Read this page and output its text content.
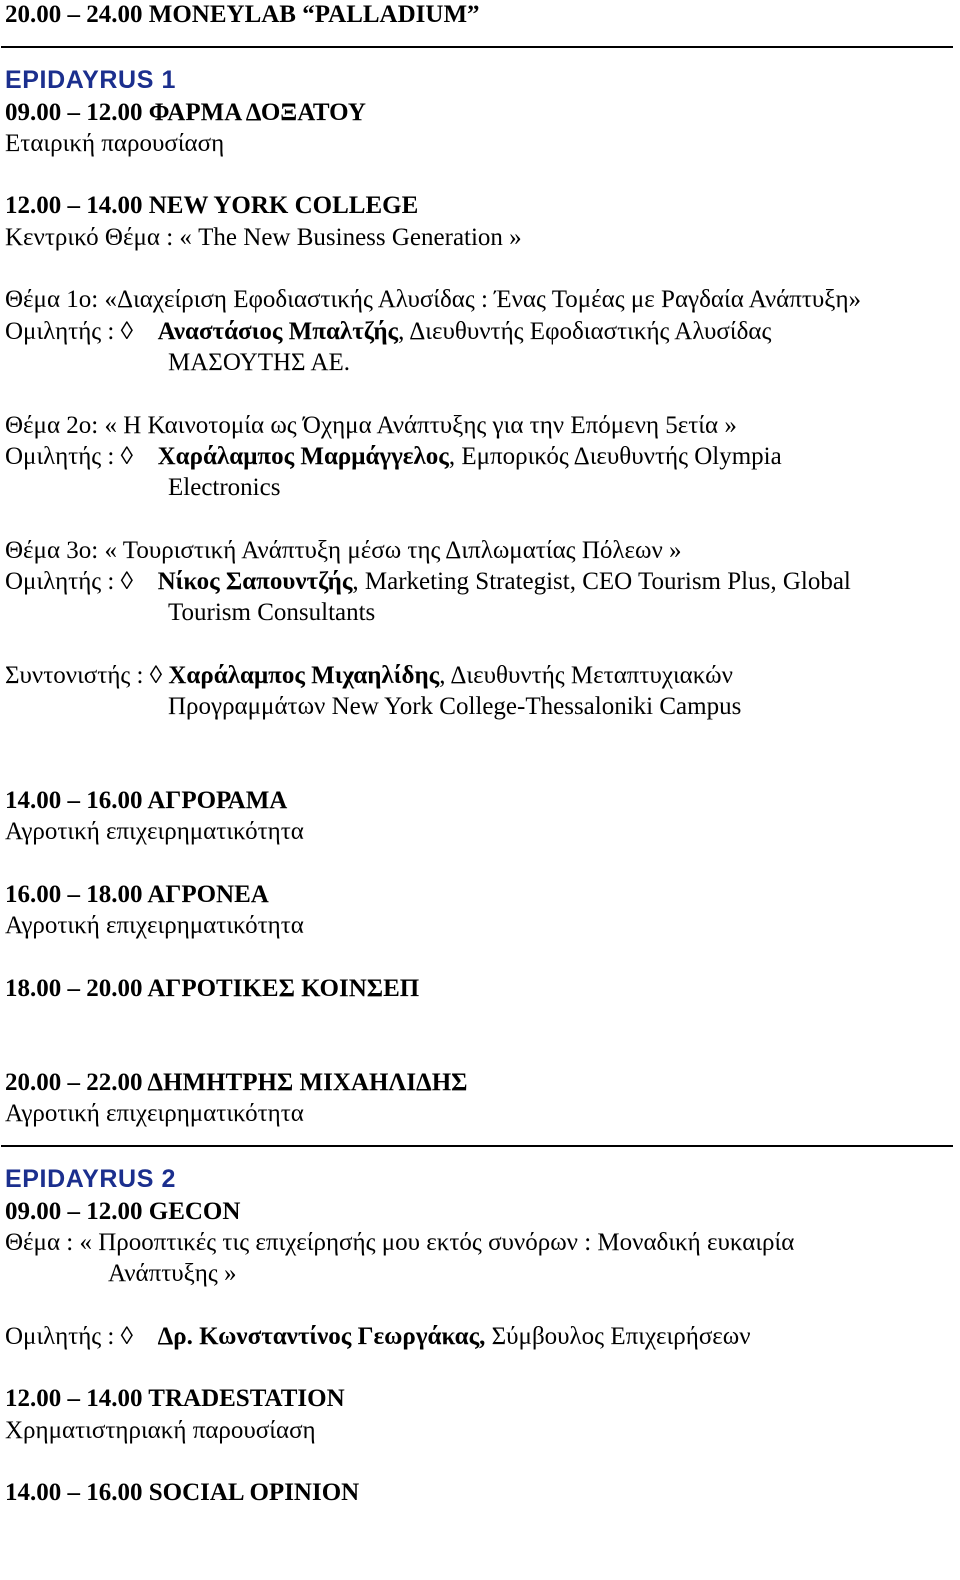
20.00 – 24.00 MONEYLAB “PALLADIUM”
EPIDAYRUS 1
09.00 – 12.00 ΦΑΡΜΑ ΔΟΞΑΤΟΥ
Εταιρική παρουσίαση
12.00 – 14.00 NEW YORK COLLEGE
Κεντρικό Θέμα : « The New Business Generation »
Θέμα 1ο: «Διαχείριση Εφοδιαστικής Αλυσίδας : Ένας Τομέας με Ραγδαία Ανάπτυξη»
Ομιλητής : ◊ Αναστάσιος Μπαλτζής, Διευθυντής Εφοδιαστικής Αλυσίδας
ΜΑΣΟΥΤΗΣ ΑΕ.
Θέμα 2ο: « Η Καινοτομία ως Όχημα Ανάπτυξης για την Επόμενη 5ετία »
Ομιλητής : ◊ Χαράλαμπος Μαρμάγγελος, Εμπορικός Διευθυντής Olympia
Electronics
Θέμα 3ο: « Τουριστική Ανάπτυξη μέσω της Διπλωματίας Πόλεων »
Ομιλητής : ◊ Νίκος Σαπουντζής, Marketing Strategist, CEO Tourism Plus, Global
Tourism Consultants
Συντονιστής : ◊ Χαράλαμπος Μιχαηλίδης, Διευθυντής Μεταπτυχιακών
Προγραμμάτων New York College-Thessaloniki Campus
14.00 – 16.00 ΑΓΡΟΡΑΜΑ
Αγροτική επιχειρηματικότητα
16.00 – 18.00 ΑΓΡΟΝΕΑ
Αγροτική επιχειρηματικότητα
18.00 – 20.00 ΑΓΡΟΤΙΚΕΣ ΚΟΙΝΣΕΠ
20.00 – 22.00 ΔΗΜΗΤΡΗΣ ΜΙΧΑΗΛΙΔΗΣ
Αγροτική επιχειρηματικότητα
EPIDAYRUS 2
09.00 – 12.00 GECON
Θέμα : « Προοπτικές τις επιχείρησής μου εκτός συνόρων : Μοναδική ευκαιρία
Ανάπτυξης »
Ομιλητής : ◊ Δρ. Κωνσταντίνος Γεωργάκας, Σύμβουλος Επιχειρήσεων
12.00 – 14.00 TRADESTATION
Χρηματιστηριακή παρουσίαση
14.00 – 16.00 SOCIAL OPINION
